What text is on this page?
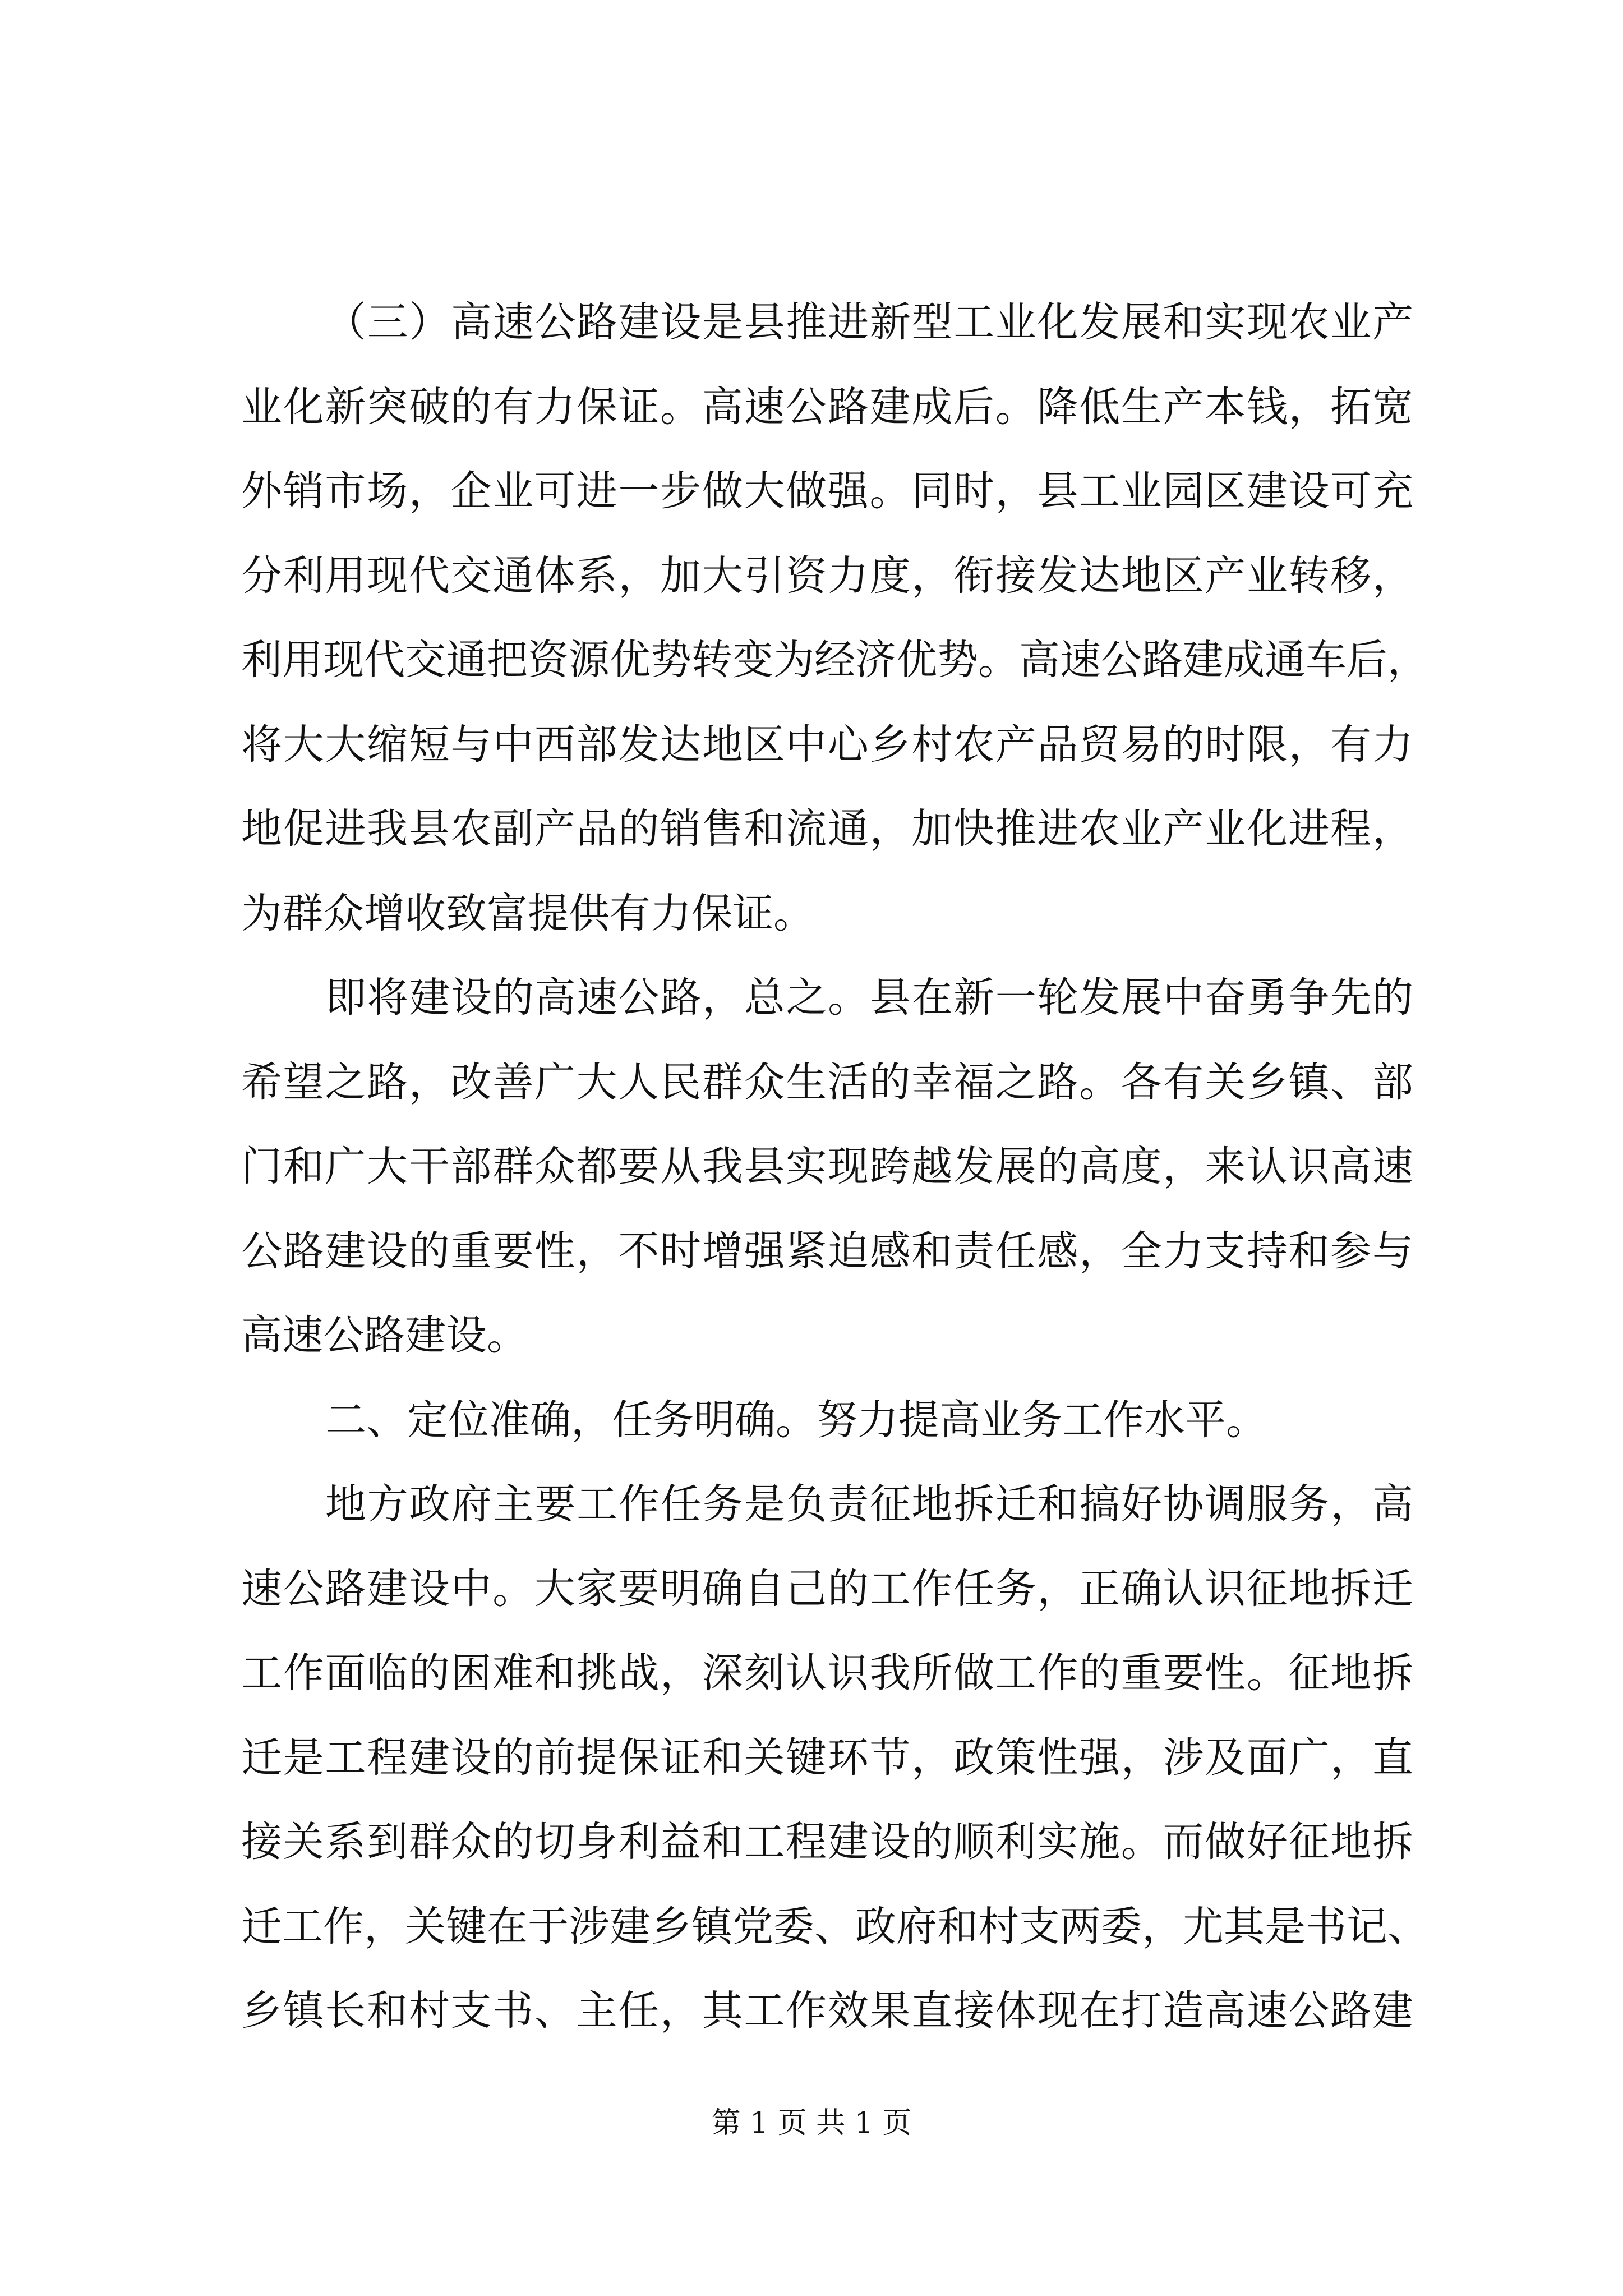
（三）高速公路建设是县推进新型工业化发展和实现农业产
业化新突破的有力保证。高速公路建成后。降低生产本钱，拓宽
外销市场，企业可进一步做大做强。同时，县工业园区建设可充
分利用现代交通体系，加大引资力度，衔接发达地区产业转移，
利用现代交通把资源优势转变为经济优势。高速公路建成通车后，
将大大缩短与中西部发达地区中心乡村农产品贸易的时限，有力
地促进我县农副产品的销售和流通，加快推进农业产业化进程，
为群众增收致富提供有力保证。
即将建设的高速公路，总之。县在新一轮发展中奋勇争先的
希望之路，改善广大人民群众生活的幸福之路。各有关乡镇、部
门和广大干部群众都要从我县实现跨越发展的高度，来认识高速
公路建设的重要性，不时增强紧迫感和责任感，全力支持和参与
高速公路建设。
二、定位准确，任务明确。努力提高业务工作水平。
地方政府主要工作任务是负责征地拆迁和搞好协调服务，高
速公路建设中。大家要明确自己的工作任务，正确认识征地拆迁
工作面临的困难和挑战，深刻认识我所做工作的重要性。征地拆
迁是工程建设的前提保证和关键环节，政策性强，涉及面广，直
接关系到群众的切身利益和工程建设的顺利实施。而做好征地拆
迁工作，关键在于涉建乡镇党委、政府和村支两委，尤其是书记、
乡镇长和村支书、主任，其工作效果直接体现在打造高速公路建
第 1 页 共 1 页
